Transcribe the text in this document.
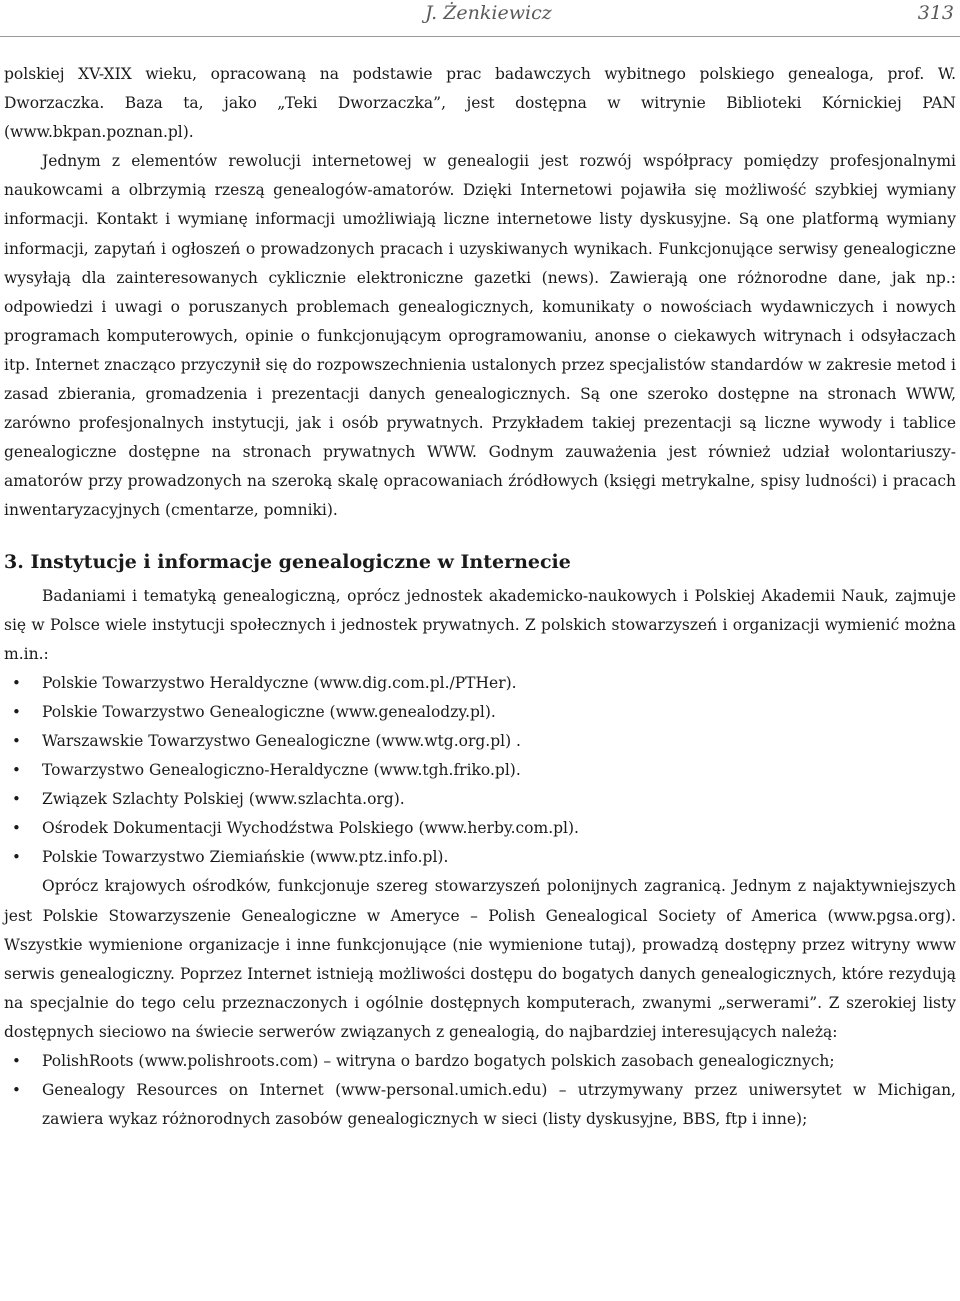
J. Żenkiewicz	313

polskiej XV-XIX wieku, opracowaną na podstawie prac badawczych wybitnego polskiego genealoga, prof. W. Dworzaczka. Baza ta, jako „Teki Dworzaczka”, jest dostępna w witrynie Biblioteki Kórnickiej PAN (www.bkpan.poznan.pl).

Jednym z elementów rewolucji internetowej w genealogii jest rozwój współpracy pomiędzy profesjonalnymi naukowcami a olbrzymią rzeszą genealogów-amatorów. Dzięki Internetowi pojawiła się możliwość szybkiej wymiany informacji. Kontakt i wymianę informacji umożliwiają liczne internetowe listy dyskusyjne. Są one platformą wymiany informacji, zapytań i ogłoszeń o prowadzonych pracach i uzyskiwanych wynikach. Funkcjonujące serwisy genealogiczne wysyłają dla zainteresowanych cyklicznie elektroniczne gazetki (news). Zawierają one różnorodne dane, jak np.: odpowiedzi i uwagi o poruszanych problemach genealogicznych, komunikaty o nowościach wydawniczych i nowych programach komputerowych, opinie o funkcjonującym oprogramowaniu, anonse o ciekawych witrynach i odsyłaczach itp. Internet znacząco przyczynił się do rozpowszechnienia ustalonych przez specjalistów standardów w zakresie metod i zasad zbierania, gromadzenia i prezentacji danych genealogicznych. Są one szeroko dostępne na stronach WWW, zarówno profesjonalnych instytucji, jak i osób prywatnych. Przykładem takiej prezentacji są liczne wywody i tablice genealogiczne dostępne na stronach prywatnych WWW. Godnym zauważenia jest również udział wolontariuszy-amatorów przy prowadzonych na szeroką skalę opracowaniach źródłowych (księgi metrykalne, spisy ludności) i pracach inwentaryzacyjnych (cmentarze, pomniki).

3. Instytucje i informacje genealogiczne w Internecie

Badaniami i tematyką genealogiczną, oprócz jednostek akademicko-naukowych i Polskiej Akademii Nauk, zajmuje się w Polsce wiele instytucji społecznych i jednostek prywatnych. Z polskich stowarzyszeń i organizacji wymienić można m.in.:

• Polskie Towarzystwo Heraldyczne (www.dig.com.pl./PTHer).
• Polskie Towarzystwo Genealogiczne (www.genealodzy.pl).
• Warszawskie Towarzystwo Genealogiczne (www.wtg.org.pl) .
• Towarzystwo Genealogiczno-Heraldyczne (www.tgh.friko.pl).
• Związek Szlachty Polskiej (www.szlachta.org).
• Ośrodek Dokumentacji Wychodźstwa Polskiego (www.herby.com.pl).
• Polskie Towarzystwo Ziemiańskie (www.ptz.info.pl).

Oprócz krajowych ośrodków, funkcjonuje szereg stowarzyszeń polonijnych zagranicą. Jednym z najaktywniejszych jest Polskie Stowarzyszenie Genealogiczne w Ameryce – Polish Genealogical Society of America (www.pgsa.org). Wszystkie wymienione organizacje i inne funkcjonujące (nie wymienione tutaj), prowadzą dostępny przez witryny www serwis genealogiczny. Poprzez Internet istnieją możliwości dostępu do bogatych danych genealogicznych, które rezydują na specjalnie do tego celu przeznaczonych i ogólnie dostępnych komputerach, zwanymi „serwerami”. Z szerokiej listy dostępnych sieciowo na świecie serwerów związanych z genealogią, do najbardziej interesujących należą:

• PolishRoots (www.polishroots.com) – witryna o bardzo bogatych polskich zasobach genealogicznych;
• Genealogy Resources on Internet (www-personal.umich.edu) – utrzymywany przez uniwersytet w Michigan, zawiera wykaz różnorodnych zasobów genealogicznych w sieci (listy dyskusyjne, BBS, ftp i inne);
